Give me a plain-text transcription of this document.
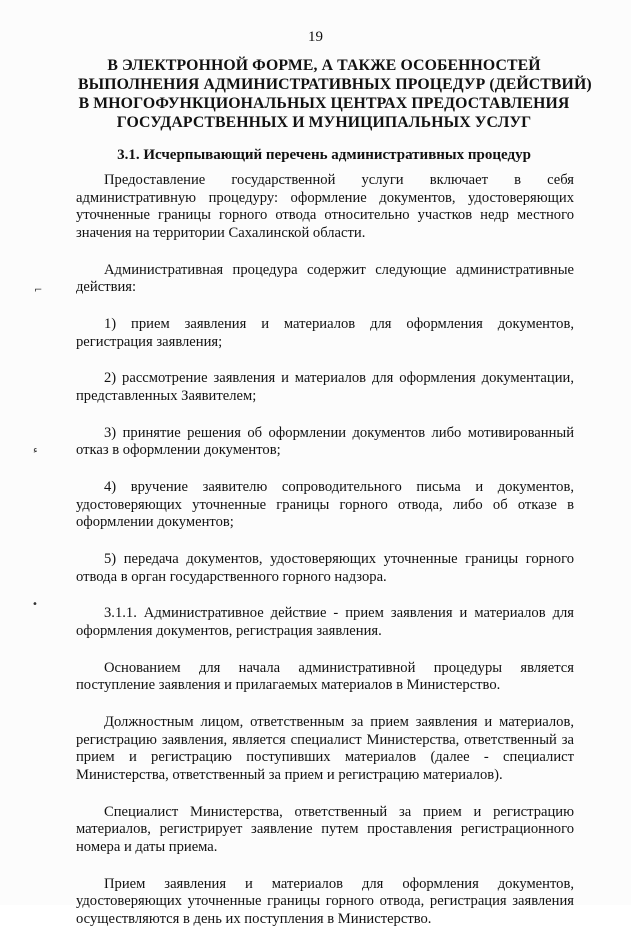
19
В ЭЛЕКТРОННОЙ ФОРМЕ, А ТАКЖЕ ОСОБЕННОСТЕЙ
ВЫПОЛНЕНИЯ АДМИНИСТРАТИВНЫХ ПРОЦЕДУР (ДЕЙСТВИЙ)
В МНОГОФУНКЦИОНАЛЬНЫХ ЦЕНТРАХ ПРЕДОСТАВЛЕНИЯ
ГОСУДАРСТВЕННЫХ И МУНИЦИПАЛЬНЫХ УСЛУГ
3.1. Исчерпывающий перечень административных процедур

Предоставление государственной услуги включает в себя административную процедуру: оформление документов, удостоверяющих уточненные границы горного отвода относительно участков недр местного значения на территории Сахалинской области.

Административная процедура содержит следующие административные действия:

1) прием заявления и материалов для оформления документов, регистрация заявления;

2) рассмотрение заявления и материалов для оформления документации, представленных Заявителем;

3) принятие решения об оформлении документов либо мотивированный отказ в оформлении документов;

4) вручение заявителю сопроводительного письма и документов, удостоверяющих уточненные границы горного отвода, либо об отказе в оформлении документов;

5) передача документов, удостоверяющих уточненные границы горного отвода в орган государственного горного надзора.

3.1.1. Административное действие - прием заявления и материалов для оформления документов, регистрация заявления.

Основанием для начала административной процедуры является поступление заявления и прилагаемых материалов в Министерство.

Должностным лицом, ответственным за прием заявления и материалов, регистрацию заявления, является специалист Министерства, ответственный за прием и регистрацию поступивших материалов (далее - специалист Министерства, ответственный за прием и регистрацию материалов).

Специалист Министерства, ответственный за прием и регистрацию материалов, регистрирует заявление путем проставления регистрационного номера и даты приема.

Прием заявления и материалов для оформления документов, удостоверяющих уточненные границы горного отвода, регистрация заявления осуществляются в день их поступления в Министерство.

⌐
ء
•
